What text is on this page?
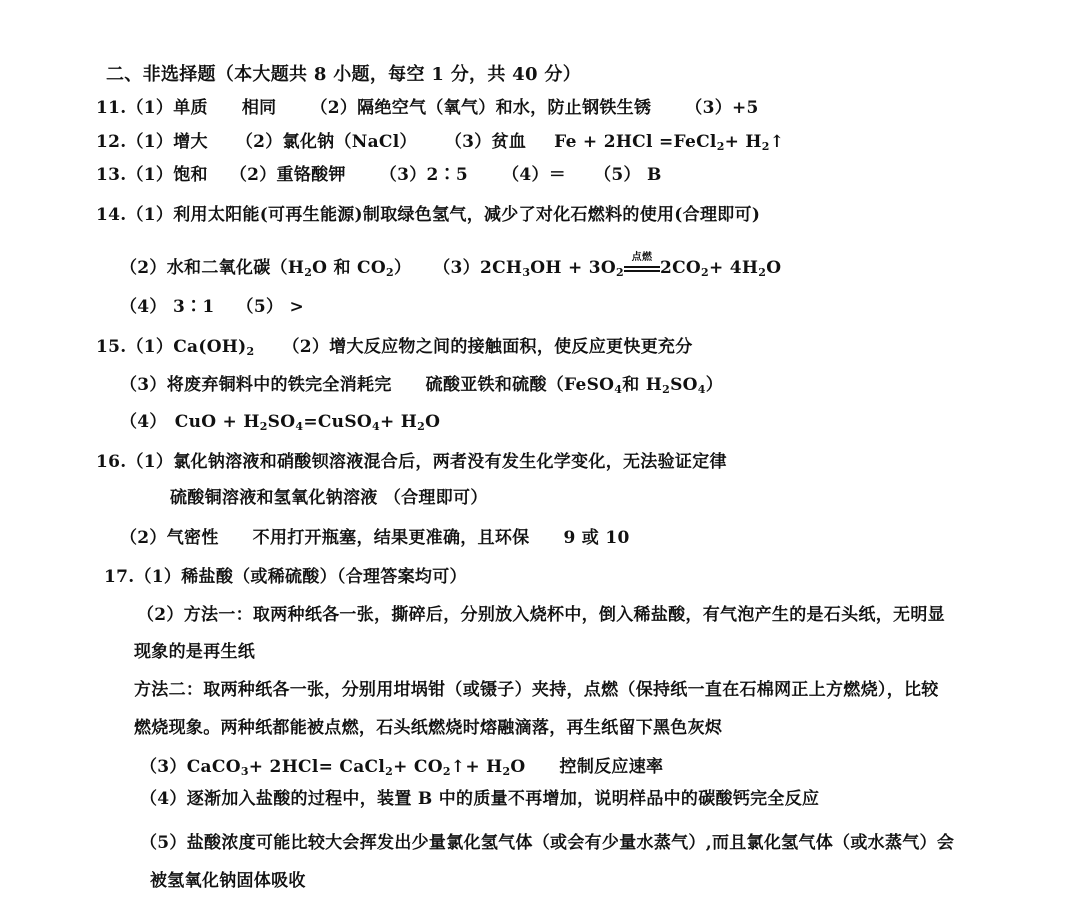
二、非选择题（本大题共 8 小题，每空 1 分，共 40 分）
11.（1）单质 相同 （2）隔绝空气（氧气）和水，防止钢铁生锈 （3）+5
12.（1）增大 （2）氯化钠（NaCl） （3）贫血 Fe + 2HCl =FeCl$_2$+ $H_2↑$
13.（1）饱和 （2）重铬酸钾 （3）2∶5 （4）＝ （5） B
14.（1）利用太阳能(可再生能源)制取绿色氢气，减少了对化石燃料的使用(合理即可)
（2）水和二氧化碳（$H_2O$ 和 $CO_2$） $(3)2CH_3OH + 3O_2$
点燃
$2CO_2+ 4H_2O$
（4） 3∶1 （5） >
$15.(1)Ca(OH)_2$ （2）增大反应物之间的接触面积，使反应更快更充分
（3）将废弃铜料中的铁完全消耗完 硫酸亚铁和硫酸（FeSO$_4$和 $H_2SO_4$）
（4） CuO + $H_2SO_4=CuSO_4+ H_2O$
16.（1）氯化钠溶液和硝酸钡溶液混合后，两者没有发生化学变化，无法验证定律
硫酸铜溶液和氢氧化钠溶液 （合理即可）
（2）气密性 不用打开瓶塞，结果更准确，且环保 9 或 10
17.（1）稀盐酸（或稀硫酸）（合理答案均可）
（2）方法一：取两种纸各一张，撕碎后，分别放入烧杯中，倒入稀盐酸，有气泡产生的是石头纸，无明显
现象的是再生纸
方法二：取两种纸各一张，分别用坩埚钳（或镊子）夹持，点燃（保持纸一直在石棉网正上方燃烧），比较
燃烧现象。两种纸都能被点燃，石头纸燃烧时熔融滴落，再生纸留下黑色灰烬
（3）CaCO$_3$+ 2HCl= CaCl$_2$+ $CO_2↑+ H_2O$ 控制反应速率
（4）逐渐加入盐酸的过程中，装置 B 中的质量不再增加，说明样品中的碳酸钙完全反应
（5）盐酸浓度可能比较大会挥发出少量氯化氢气体（或会有少量水蒸气）,而且氯化氢气体（或水蒸气）会
被氢氧化钠固体吸收
